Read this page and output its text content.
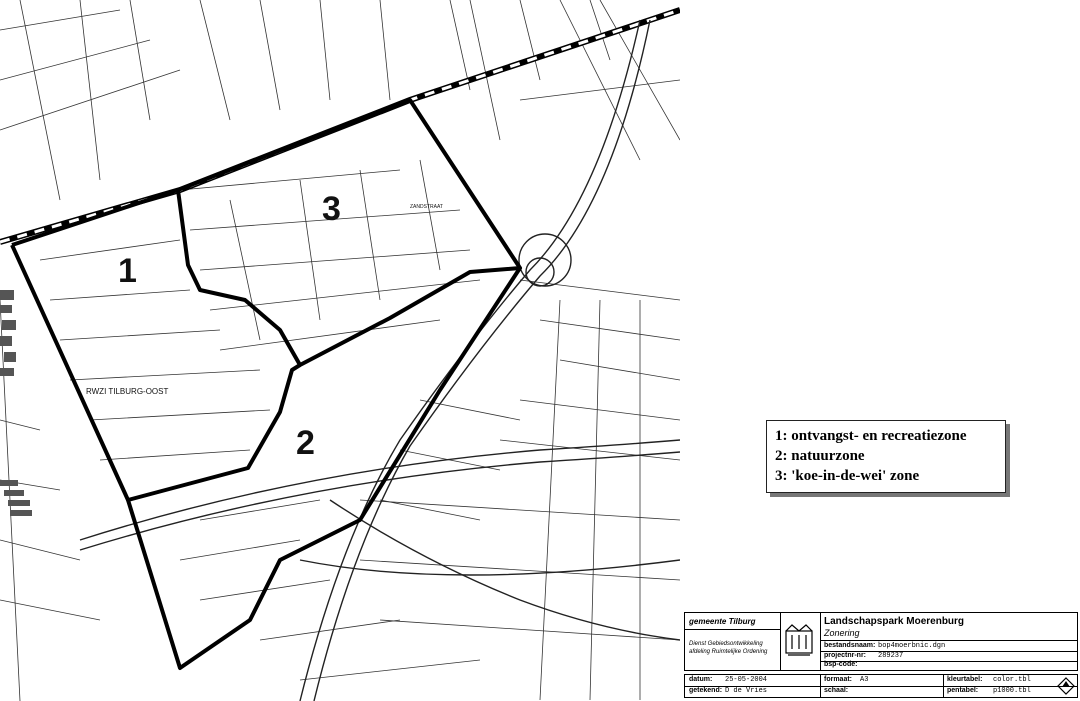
1
2
3
RWZI TILBURG-OOST
ZANDSTRAAT
1: ontvangst- en recreatiezone
2: natuurzone
3: 'koe-in-de-wei' zone
gemeente Tilburg
Dienst Gebiedsontwikkeling
afdeling Ruimtelijke Ordening
Landschapspark Moerenburg
Zonering
bestandsnaam: bop4moerbnic.dgn
projectnr-nr: 289237
bsp-code:
datum: 25-05-2004
getekend: D de Vries
formaat: A3
schaal:
kleurtabel: color.tbl
pentabel: p1000.tbl
